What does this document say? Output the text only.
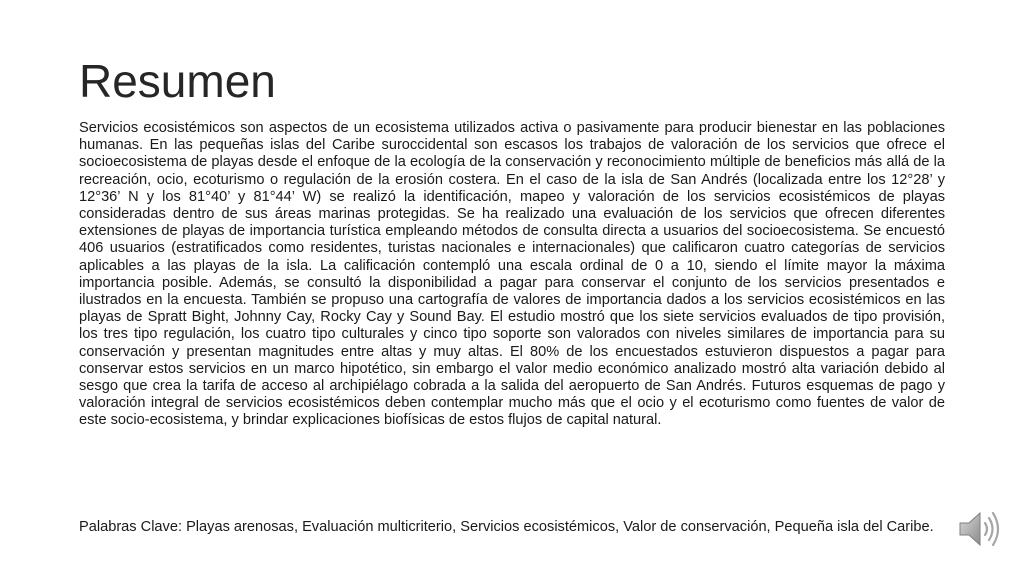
Resumen

Servicios ecosistémicos son aspectos de un ecosistema utilizados activa o pasivamente para producir bienestar en las poblaciones humanas. En las pequeñas islas del Caribe suroccidental son escasos los trabajos de valoración de los servicios que ofrece el socioecosistema de playas desde el enfoque de la ecología de la conservación y reconocimiento múltiple de beneficios más allá de la recreación, ocio, ecoturismo o regulación de la erosión costera. En el caso de la isla de San Andrés (localizada entre los 12°28’ y 12°36’ N y los 81°40’ y 81°44’ W) se realizó la identificación, mapeo y valoración de los servicios ecosistémicos de playas consideradas dentro de sus áreas marinas protegidas. Se ha realizado una evaluación de los servicios que ofrecen diferentes extensiones de playas de importancia turística empleando métodos de consulta directa a usuarios del socioecosistema. Se encuestó 406 usuarios (estratificados como residentes, turistas nacionales e internacionales) que calificaron cuatro categorías de servicios aplicables a las playas de la isla. La calificación contempló una escala ordinal de 0 a 10, siendo el límite mayor la máxima importancia posible. Además, se consultó la disponibilidad a pagar para conservar el conjunto de los servicios presentados e ilustrados en la encuesta. También se propuso una cartografía de valores de importancia dados a los servicios ecosistémicos en las playas de Spratt Bight, Johnny Cay, Rocky Cay y Sound Bay. El estudio mostró que los siete servicios evaluados de tipo provisión, los tres tipo regulación, los cuatro tipo culturales y cinco tipo soporte son valorados con niveles similares de importancia para su conservación y presentan magnitudes entre altas y muy altas. El 80% de los encuestados estuvieron dispuestos a pagar para conservar estos servicios en un marco hipotético, sin embargo el valor medio económico analizado mostró alta variación debido al sesgo que crea la tarifa de acceso al archipiélago cobrada a la salida del aeropuerto de San Andrés. Futuros esquemas de pago y valoración integral de servicios ecosistémicos deben contemplar mucho más que el ocio y el ecoturismo como fuentes de valor de este socio-ecosistema, y brindar explicaciones biofísicas de estos flujos de capital natural.

Palabras Clave: Playas arenosas, Evaluación multicriterio, Servicios ecosistémicos, Valor de conservación, Pequeña isla del Caribe.
